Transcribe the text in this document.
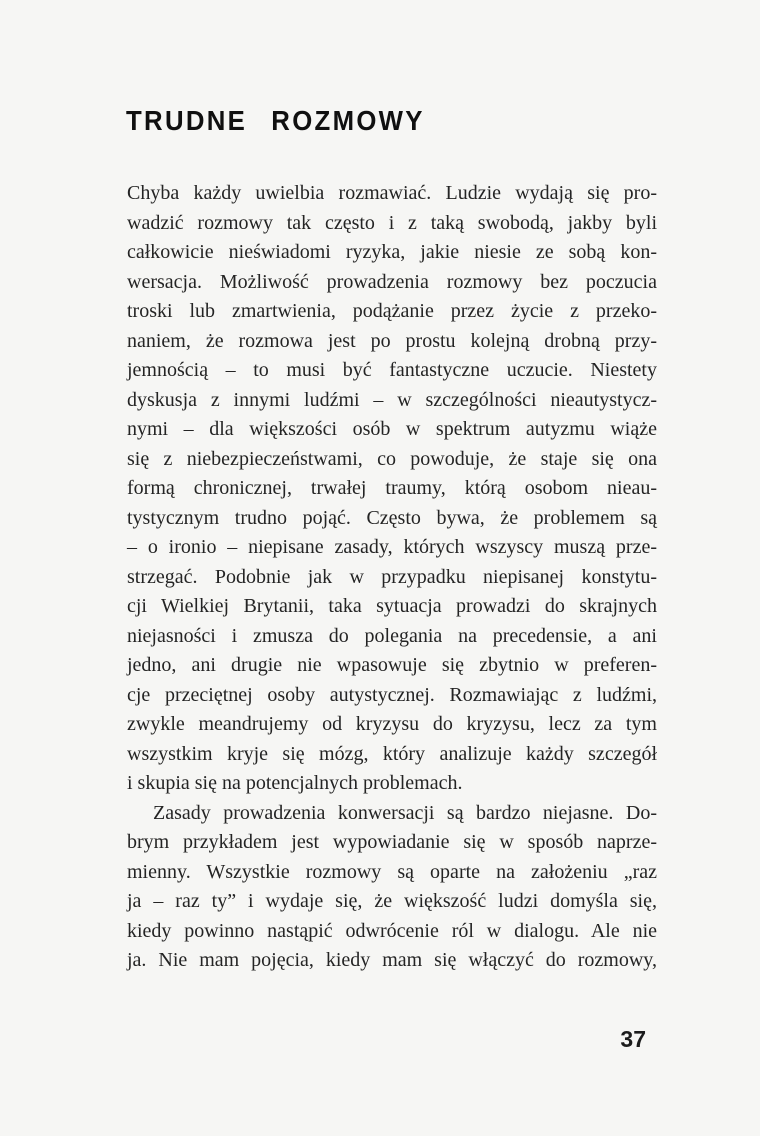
TRUDNE ROZMOWY
Chyba każdy uwielbia rozmawiać. Ludzie wydają się pro-
wadzić rozmowy tak często i z taką swobodą, jakby byli
całkowicie nieświadomi ryzyka, jakie niesie ze sobą kon-
wersacja. Możliwość prowadzenia rozmowy bez poczucia
troski lub zmartwienia, podążanie przez życie z przeko-
naniem, że rozmowa jest po prostu kolejną drobną przy-
jemnością – to musi być fantastyczne uczucie. Niestety
dyskusja z innymi ludźmi – w szczególności nieautystycz-
nymi – dla większości osób w spektrum autyzmu wiąże
się z niebezpieczeństwami, co powoduje, że staje się ona
formą chronicznej, trwałej traumy, którą osobom nieau-
tystycznym trudno pojąć. Często bywa, że problemem są
– o ironio – niepisane zasady, których wszyscy muszą prze-
strzegać. Podobnie jak w przypadku niepisanej konstytu-
cji Wielkiej Brytanii, taka sytuacja prowadzi do skrajnych
niejasności i zmusza do polegania na precedensie, a ani
jedno, ani drugie nie wpasowuje się zbytnio w preferen-
cje przeciętnej osoby autystycznej. Rozmawiając z ludźmi,
zwykle meandrujemy od kryzysu do kryzysu, lecz za tym
wszystkim kryje się mózg, który analizuje każdy szczegół
i skupia się na potencjalnych problemach.
Zasady prowadzenia konwersacji są bardzo niejasne. Do-
brym przykładem jest wypowiadanie się w sposób naprze-
mienny. Wszystkie rozmowy są oparte na założeniu „raz
ja – raz ty” i wydaje się, że większość ludzi domyśla się,
kiedy powinno nastąpić odwrócenie ról w dialogu. Ale nie
ja. Nie mam pojęcia, kiedy mam się włączyć do rozmowy,
37
